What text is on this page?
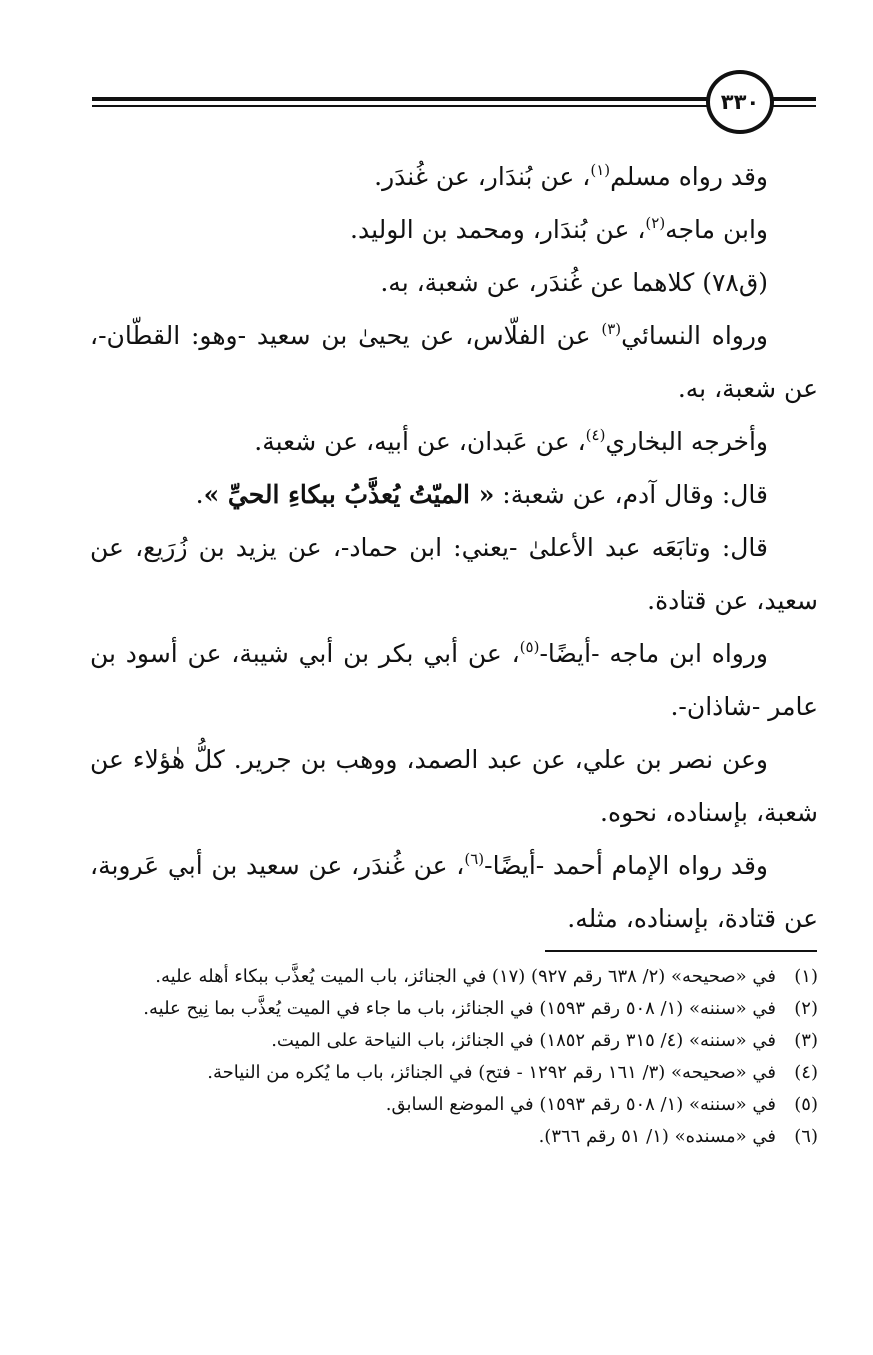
٣٣٠

وقد رواه مسلم$^{(١)}$، عن بُندَار، عن غُندَر.

وابن ماجه$^{(٢)}$، عن بُندَار، ومحمد بن الوليد.

(ق٧٨) كلاهما عن غُندَر، عن شعبة، به.

ورواه النسائي$^{(٣)}$ عن الفلّاس، عن يحيىٰ بن سعيد -وهو: القطّان-، عن شعبة، به.

وأخرجه البخاري$^{(٤)}$، عن عَبدان، عن أبيه، عن شعبة.

قال: وقال آدم، عن شعبة: « الميّتُ يُعذَّبُ ببكاءِ الحيِّ ».

قال: وتابَعَه عبد الأعلىٰ -يعني: ابن حماد-، عن يزيد بن زُرَيع، عن سعيد، عن قتادة.

ورواه ابن ماجه -أيضًا-$^{(٥)}$، عن أبي بكر بن أبي شيبة، عن أسود بن عامر -شاذان-.

وعن نصر بن علي، عن عبد الصمد، ووهب بن جرير. كلُّ هٰؤلاء عن شعبة، بإسناده، نحوه.

وقد رواه الإمام أحمد -أيضًا-$^{(٦)}$، عن غُندَر، عن سعيد بن أبي عَروبة، عن قتادة، بإسناده، مثله.

(١)
في «صحيحه» (٢/ ٦٣٨ رقم ٩٢٧) (١٧) في الجنائز، باب الميت يُعذَّب ببكاء أهله عليه.
(٢)
في «سننه» (١/ ٥٠٨ رقم ١٥٩٣) في الجنائز، باب ما جاء في الميت يُعذَّب بما نِيح عليه.
(٣)
في «سننه» (٤/ ٣١٥ رقم ١٨٥٢) في الجنائز، باب النياحة على الميت.
(٤)
في «صحيحه» (٣/ ١٦١ رقم ١٢٩٢ - فتح) في الجنائز، باب ما يُكره من النياحة.
(٥)
في «سننه» (١/ ٥٠٨ رقم ١٥٩٣) في الموضع السابق.
(٦)
في «مسنده» (١/ ٥١ رقم ٣٦٦).
